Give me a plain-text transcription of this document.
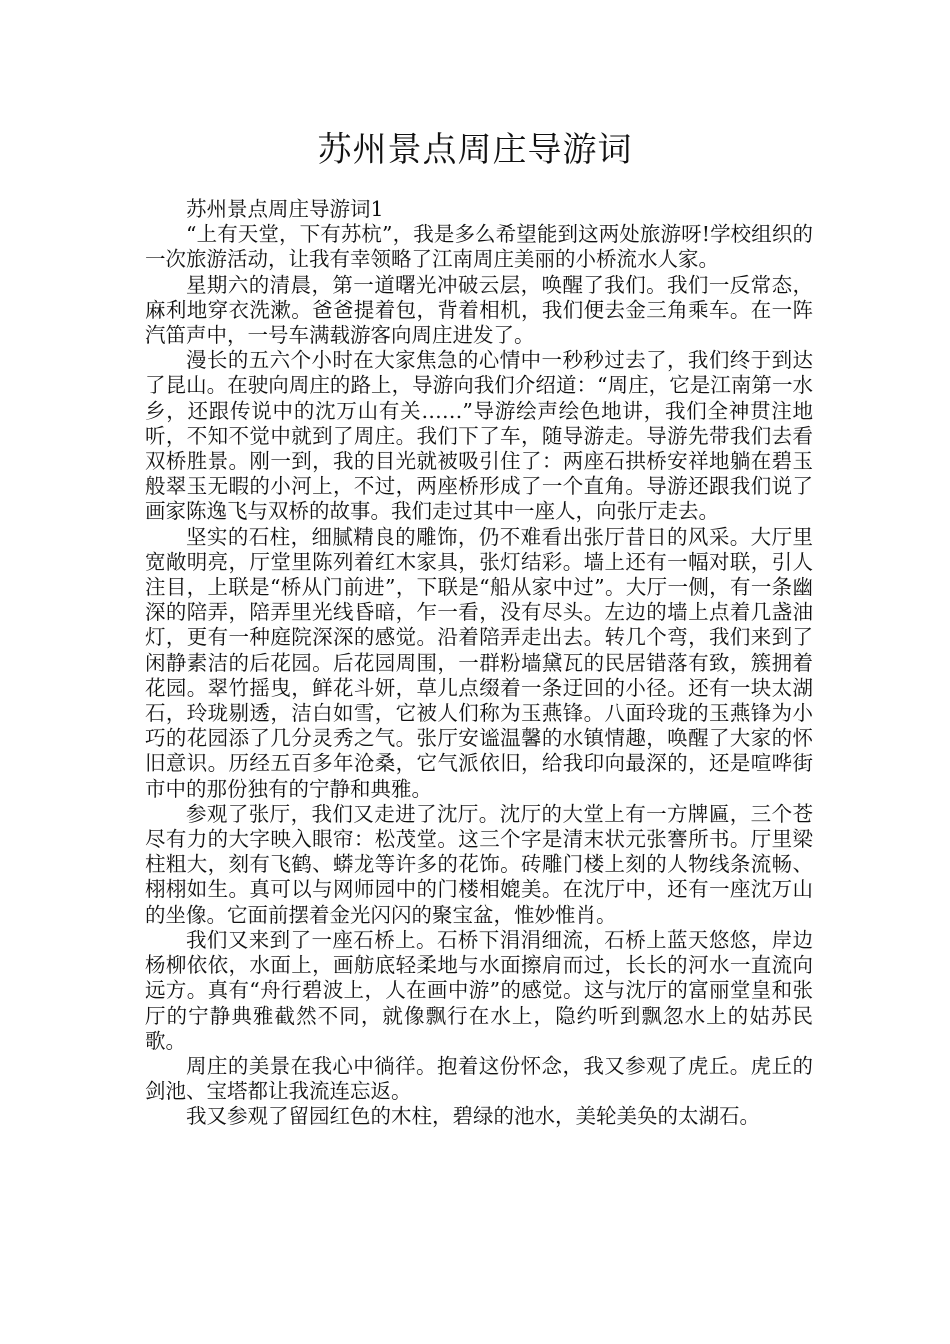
苏州景点周庄导游词

苏州景点周庄导游词1

“上有天堂，下有苏杭”，我是多么希望能到这两处旅游呀!学校组织的一次旅游活动，让我有幸领略了江南周庄美丽的小桥流水人家。

星期六的清晨，第一道曙光冲破云层，唤醒了我们。我们一反常态，麻利地穿衣洗漱。爸爸提着包，背着相机，我们便去金三角乘车。在一阵汽笛声中，一号车满载游客向周庄进发了。

漫长的五六个小时在大家焦急的心情中一秒秒过去了，我们终于到达了昆山。在驶向周庄的路上，导游向我们介绍道：“周庄，它是江南第一水乡，还跟传说中的沈万山有关……”导游绘声绘色地讲，我们全神贯注地听，不知不觉中就到了周庄。我们下了车，随导游走。导游先带我们去看双桥胜景。刚一到，我的目光就被吸引住了：两座石拱桥安祥地躺在碧玉般翠玉无暇的小河上，不过，两座桥形成了一个直角。导游还跟我们说了画家陈逸飞与双桥的故事。我们走过其中一座人，向张厅走去。

坚实的石柱，细腻精良的雕饰，仍不难看出张厅昔日的风采。大厅里宽敞明亮，厅堂里陈列着红木家具，张灯结彩。墙上还有一幅对联，引人注目，上联是“桥从门前进”，下联是“船从家中过”。大厅一侧，有一条幽深的陪弄，陪弄里光线昏暗，乍一看，没有尽头。左边的墙上点着几盏油灯，更有一种庭院深深的感觉。沿着陪弄走出去。转几个弯，我们来到了闲静素洁的后花园。后花园周围，一群粉墙黛瓦的民居错落有致，簇拥着花园。翠竹摇曳，鲜花斗妍，草儿点缀着一条迂回的小径。还有一块太湖石，玲珑剔透，洁白如雪，它被人们称为玉燕锋。八面玲珑的玉燕锋为小巧的花园添了几分灵秀之气。张厅安谧温馨的水镇情趣，唤醒了大家的怀旧意识。历经五百多年沧桑，它气派依旧，给我印向最深的，还是喧哗街市中的那份独有的宁静和典雅。

参观了张厅，我们又走进了沈厅。沈厅的大堂上有一方牌匾，三个苍尽有力的大字映入眼帘：松茂堂。这三个字是清末状元张謇所书。厅里梁柱粗大，刻有飞鹤、蟒龙等许多的花饰。砖雕门楼上刻的人物线条流畅、栩栩如生。真可以与网师园中的门楼相媲美。在沈厅中，还有一座沈万山的坐像。它面前摆着金光闪闪的聚宝盆，惟妙惟肖。

我们又来到了一座石桥上。石桥下涓涓细流，石桥上蓝天悠悠，岸边杨柳依依，水面上，画舫底轻柔地与水面擦肩而过，长长的河水一直流向远方。真有“舟行碧波上，人在画中游”的感觉。这与沈厅的富丽堂皇和张厅的宁静典雅截然不同，就像飘行在水上，隐约听到飘忽水上的姑苏民歌。

周庄的美景在我心中徜徉。抱着这份怀念，我又参观了虎丘。虎丘的剑池、宝塔都让我流连忘返。

我又参观了留园红色的木柱，碧绿的池水，美轮美奂的太湖石。
